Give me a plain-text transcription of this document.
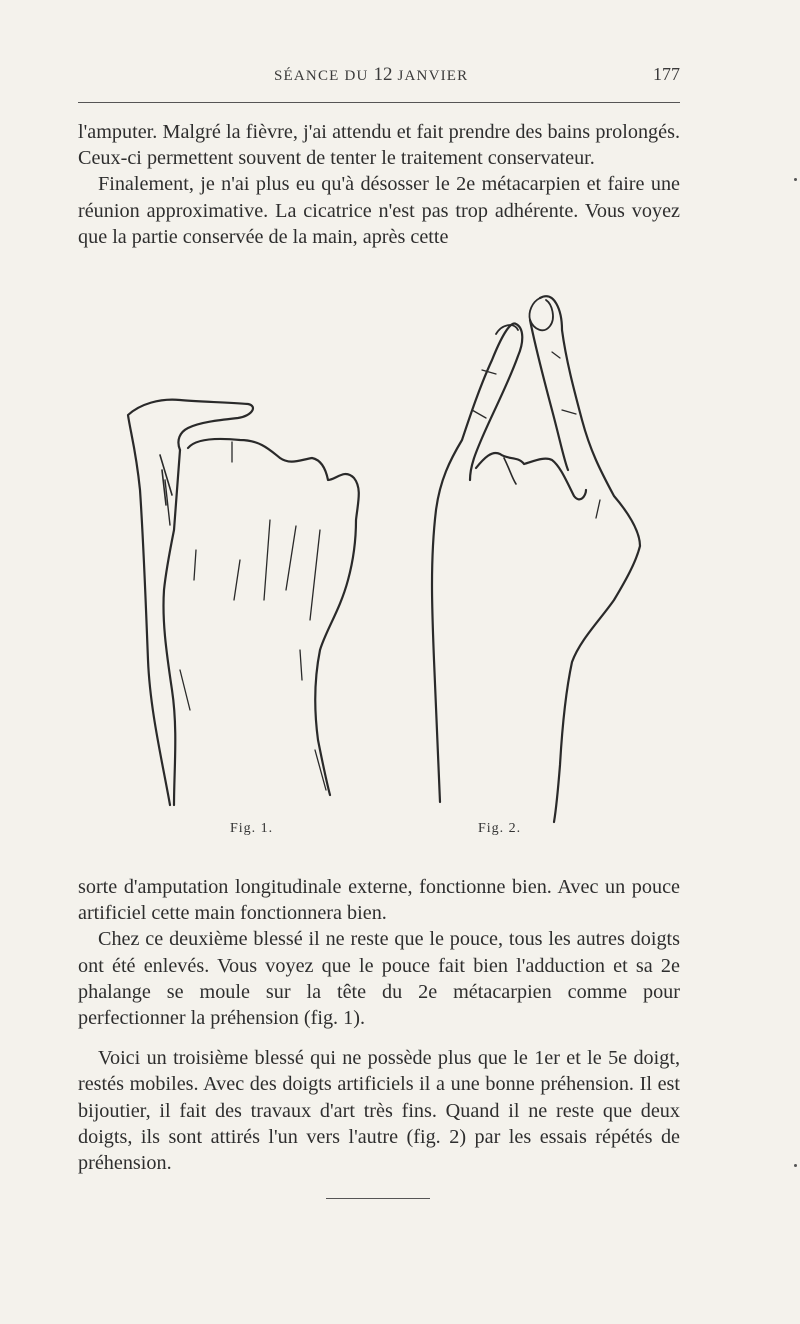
SÉANCE DU 12 JANVIER	177

l'amputer. Malgré la fièvre, j'ai attendu et fait prendre des bains prolongés. Ceux-ci permettent souvent de tenter le traitement conservateur.

Finalement, je n'ai plus eu qu'à désosser le 2e métacarpien et faire une réunion approximative. La cicatrice n'est pas trop adhérente. Vous voyez que la partie conservée de la main, après cette

Fig. 1.	Fig. 2.

sorte d'amputation longitudinale externe, fonctionne bien. Avec un pouce artificiel cette main fonctionnera bien.

Chez ce deuxième blessé il ne reste que le pouce, tous les autres doigts ont été enlevés. Vous voyez que le pouce fait bien l'adduction et sa 2e phalange se moule sur la tête du 2e métacarpien comme pour perfectionner la préhension (fig. 1).

Voici un troisième blessé qui ne possède plus que le 1er et le 5e doigt, restés mobiles. Avec des doigts artificiels il a une bonne préhension. Il est bijoutier, il fait des travaux d'art très fins. Quand il ne reste que deux doigts, ils sont attirés l'un vers l'autre (fig. 2) par les essais répétés de préhension.
